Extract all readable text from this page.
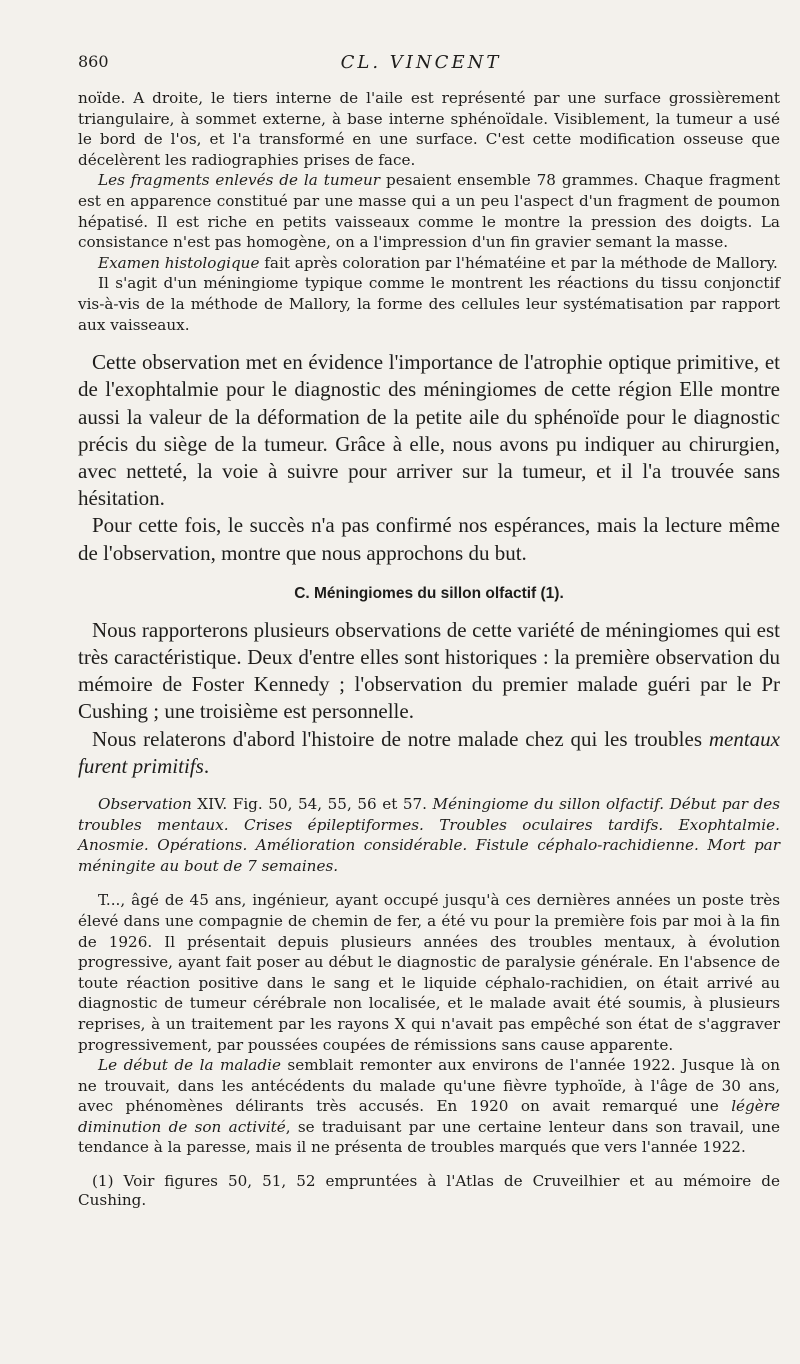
860	CL. VINCENT

noïde. A droite, le tiers interne de l'aile est représenté par une surface grossièrement triangulaire, à sommet externe, à base interne sphénoïdale. Visiblement, la tumeur a usé le bord de l'os, et l'a transformé en une surface. C'est cette modification osseuse que décelèrent les radiographies prises de face.

Les fragments enlevés de la tumeur pesaient ensemble 78 grammes. Chaque fragment est en apparence constitué par une masse qui a un peu l'aspect d'un fragment de poumon hépatisé. Il est riche en petits vaisseaux comme le montre la pression des doigts. La consistance n'est pas homogène, on a l'impression d'un fin gravier semant la masse.

Examen histologique fait après coloration par l'hématéine et par la méthode de Mallory.

Il s'agit d'un méningiome typique comme le montrent les réactions du tissu conjonctif vis-à-vis de la méthode de Mallory, la forme des cellules leur systématisation par rapport aux vaisseaux.

Cette observation met en évidence l'importance de l'atrophie optique primitive, et de l'exophtalmie pour le diagnostic des méningiomes de cette région Elle montre aussi la valeur de la déformation de la petite aile du sphénoïde pour le diagnostic précis du siège de la tumeur. Grâce à elle, nous avons pu indiquer au chirurgien, avec netteté, la voie à suivre pour arriver sur la tumeur, et il l'a trouvée sans hésitation.

Pour cette fois, le succès n'a pas confirmé nos espérances, mais la lecture même de l'observation, montre que nous approchons du but.

C. Méningiomes du sillon olfactif (1).

Nous rapporterons plusieurs observations de cette variété de méningiomes qui est très caractéristique. Deux d'entre elles sont historiques : la première observation du mémoire de Foster Kennedy ; l'observation du premier malade guéri par le Pr Cushing ; une troisième est personnelle.

Nous relaterons d'abord l'histoire de notre malade chez qui les troubles mentaux furent primitifs.

Observation XIV. Fig. 50, 54, 55, 56 et 57. Méningiome du sillon olfactif. Début par des troubles mentaux. Crises épileptiformes. Troubles oculaires tardifs. Exophtalmie. Anosmie. Opérations. Amélioration considérable. Fistule céphalo-rachidienne. Mort par méningite au bout de 7 semaines.

T..., âgé de 45 ans, ingénieur, ayant occupé jusqu'à ces dernières années un poste très élevé dans une compagnie de chemin de fer, a été vu pour la première fois par moi à la fin de 1926. Il présentait depuis plusieurs années des troubles mentaux, à évolution progressive, ayant fait poser au début le diagnostic de paralysie générale. En l'absence de toute réaction positive dans le sang et le liquide céphalo-rachidien, on était arrivé au diagnostic de tumeur cérébrale non localisée, et le malade avait été soumis, à plusieurs reprises, à un traitement par les rayons X qui n'avait pas empêché son état de s'aggraver progressivement, par poussées coupées de rémissions sans cause apparente.

Le début de la maladie semblait remonter aux environs de l'année 1922. Jusque là on ne trouvait, dans les antécédents du malade qu'une fièvre typhoïde, à l'âge de 30 ans, avec phénomènes délirants très accusés. En 1920 on avait remarqué une légère diminution de son activité, se traduisant par une certaine lenteur dans son travail, une tendance à la paresse, mais il ne présenta de troubles marqués que vers l'année 1922.

(1) Voir figures 50, 51, 52 empruntées à l'Atlas de Cruveilhier et au mémoire de Cushing.
